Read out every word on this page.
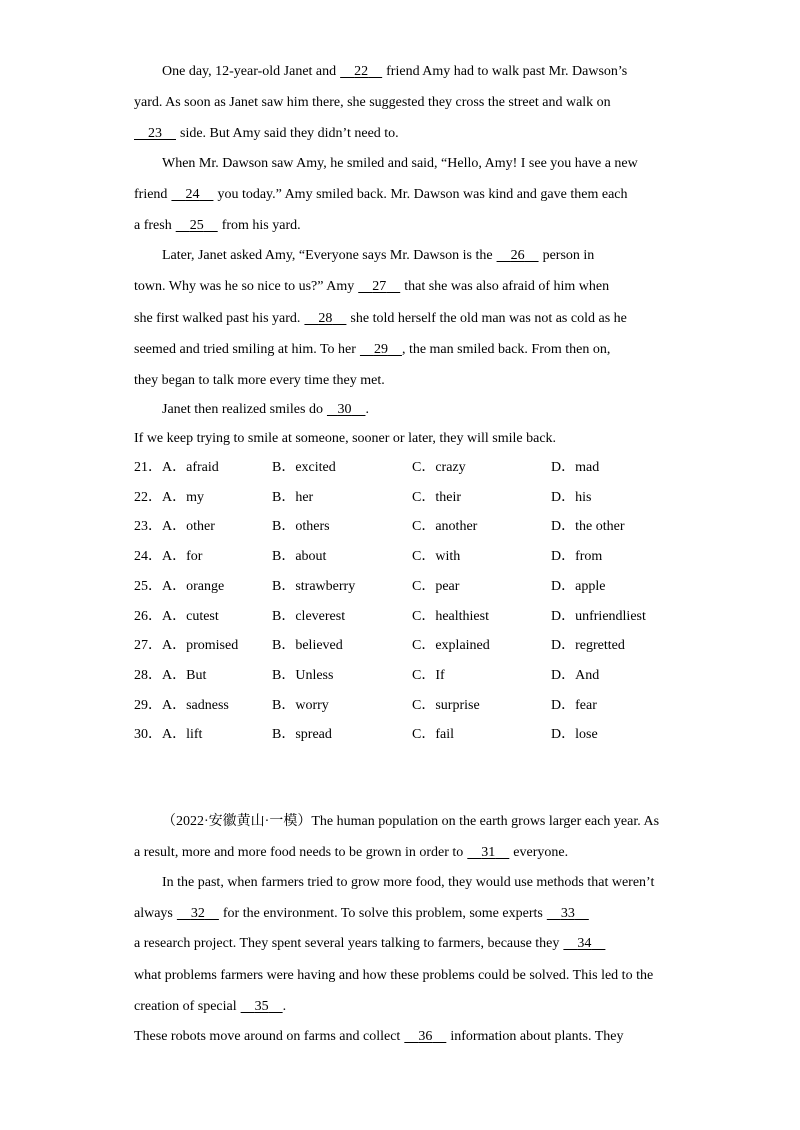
One day, 12-year-old Janet and 22 friend Amy had to walk past Mr. Dawson’s
yard. As soon as Janet saw him there, she suggested they cross the street and walk on
23 side. But Amy said they didn’t need to.
When Mr. Dawson saw Amy, he smiled and said, “Hello, Amy! I see you have a new
friend 24 you today.” Amy smiled back. Mr. Dawson was kind and gave them each
a fresh 25 from his yard.
Later, Janet asked Amy, “Everyone says Mr. Dawson is the 26 person in
town. Why was he so nice to us?” Amy 27 that she was also afraid of him when
she first walked past his yard. 28 she told herself the old man was not as cold as he
seemed and tried smiling at him. To her 29 , the man smiled back. From then on,
they began to talk more every time they met.
Janet then realized smiles do 30 .
If we keep trying to smile at someone, sooner or later, they will smile back.
21．A．afraid	B．excited	C．crazy	D．mad
22．A．my	B．her	C．their	D．his
23．A．other	B．others	C．another	D．the other
24．A．for	B．about	C．with	D．from
25．A．orange	B．strawberry	C．pear	D．apple
26．A．cutest	B．cleverest	C．healthiest	D．unfriendliest
27．A．promised B．believed	C．explained	D．regretted
28．A．But	B．Unless	C．If	D．And
29．A．sadness	B．worry	C．surprise	D．fear
30．A．lift	B．spread	C．fail	D．lose
（2022·安徽黄山·一模）The human population on the earth grows larger each year. As
a result, more and more food needs to be grown in order to 31 everyone.
In the past, when farmers tried to grow more food, they would use methods that weren’t
always 32 for the environment. To solve this problem, some experts 33
a research project. They spent several years talking to farmers, because they 34
what problems farmers were having and how these problems could be solved. This led to the
creation of special 35 .
These robots move around on farms and collect 36 information about plants. They
